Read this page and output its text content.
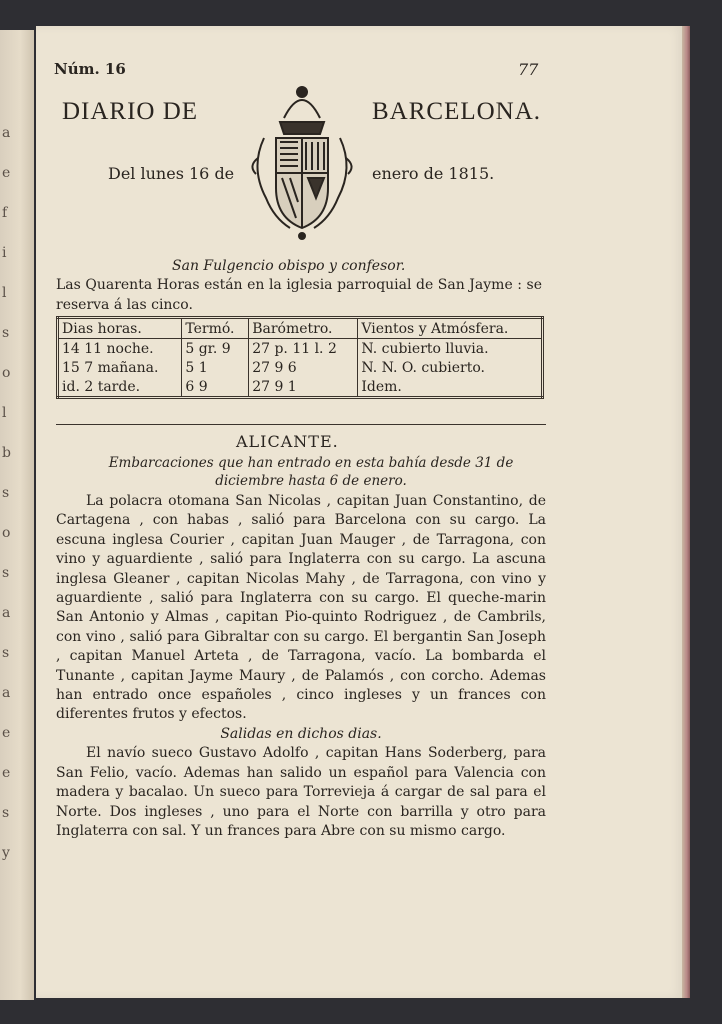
a
e
f
i
l
s
o
l
b
s
o
s
a
s
a
e
e
s
y
Núm. 16	77
DIARIO DE	BARCELONA.
Del lunes 16 de	enero de 1815.
San Fulgencio obispo y confesor.
Las Quarenta Horas están en la iglesia parroquial de San Jayme : se reserva á las cinco.
Dias horas.	Termó.	Barómetro.	Vientos y Atmósfera.
14 11 noche.	5 gr. 9	27 p. 11 l. 2	N. cubierto lluvia.
15 7 mañana.	5 1	27 9 6	N. N. O. cubierto.
id. 2 tarde.	6 9	27 9 1	Idem.
ALICANTE.
Embarcaciones que han entrado en esta bahía desde 31 de diciembre hasta 6 de enero.

La polacra otomana San Nicolas , capitan Juan Constantino, de Cartagena , con habas , salió para Barcelona con su cargo. La escuna inglesa Courier , capitan Juan Mauger , de Tarragona, con vino y aguardiente , salió para Inglaterra con su cargo. La ascuna inglesa Gleaner , capitan Nicolas Mahy , de Tarragona, con vino y aguardiente , salió para Inglaterra con su cargo. El queche-marin San Antonio y Almas , capitan Pio-quinto Rodriguez , de Cambrils, con vino , salió para Gibraltar con su cargo. El bergantin San Joseph , capitan Manuel Arteta , de Tarragona, vacío. La bombarda el Tunante , capitan Jayme Maury , de Palamós , con corcho. Ademas han entrado once españoles , cinco ingleses y un frances con diferentes frutos y efectos.

Salidas en dichos dias.

El navío sueco Gustavo Adolfo , capitan Hans Soderberg, para San Felio, vacío. Ademas han salido un español para Valencia con madera y bacalao. Un sueco para Torrevieja á cargar de sal para el Norte. Dos ingleses , uno para el Norte con barrilla y otro para Inglaterra con sal. Y un frances para Abre con su mismo cargo.
